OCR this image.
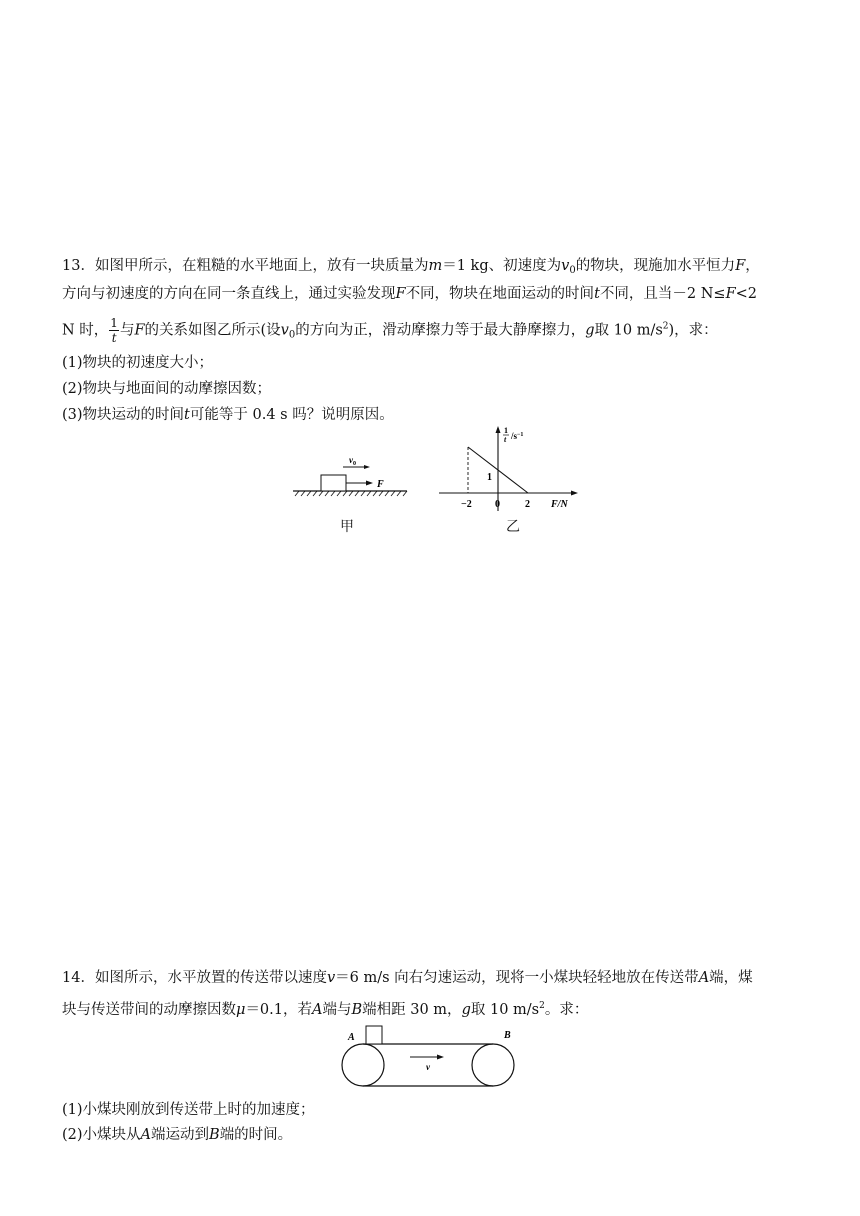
13．如图甲所示，在粗糙的水平地面上，放有一块质量为m＝1 kg、初速度为$v_0$的物块，现施加水平恒力F，
方向与初速度的方向在同一条直线上，通过实验发现F不同，物块在地面运动的时间t不同，且当－2 N≤F<2
N 时， $\frac{1}{t}$ 与F的关系如图乙所示(设$v_0$的方向为正，滑动摩擦力等于最大静摩擦力，g取 10 $m/s^2$)，求：
(1)物块的初速度大小；
(2)物块与地面间的动摩擦因数；
(3)物块运动的时间t可能等于 0.4 s 吗？说明原因。
F
$v_0$
甲
1
−2 0	2 F/N
1
t $/s^{-1}$
乙
14．如图所示，水平放置的传送带以速度v＝6 m/s 向右匀速运动，现将一小煤块轻轻地放在传送带A端，煤
块与传送带间的动摩擦因数μ＝0.1，若A端与B端相距 30 m，g取 10 $m/s^2$。求：
A	B
v
(1)小煤块刚放到传送带上时的加速度；
(2)小煤块从A端运动到B端的时间。
